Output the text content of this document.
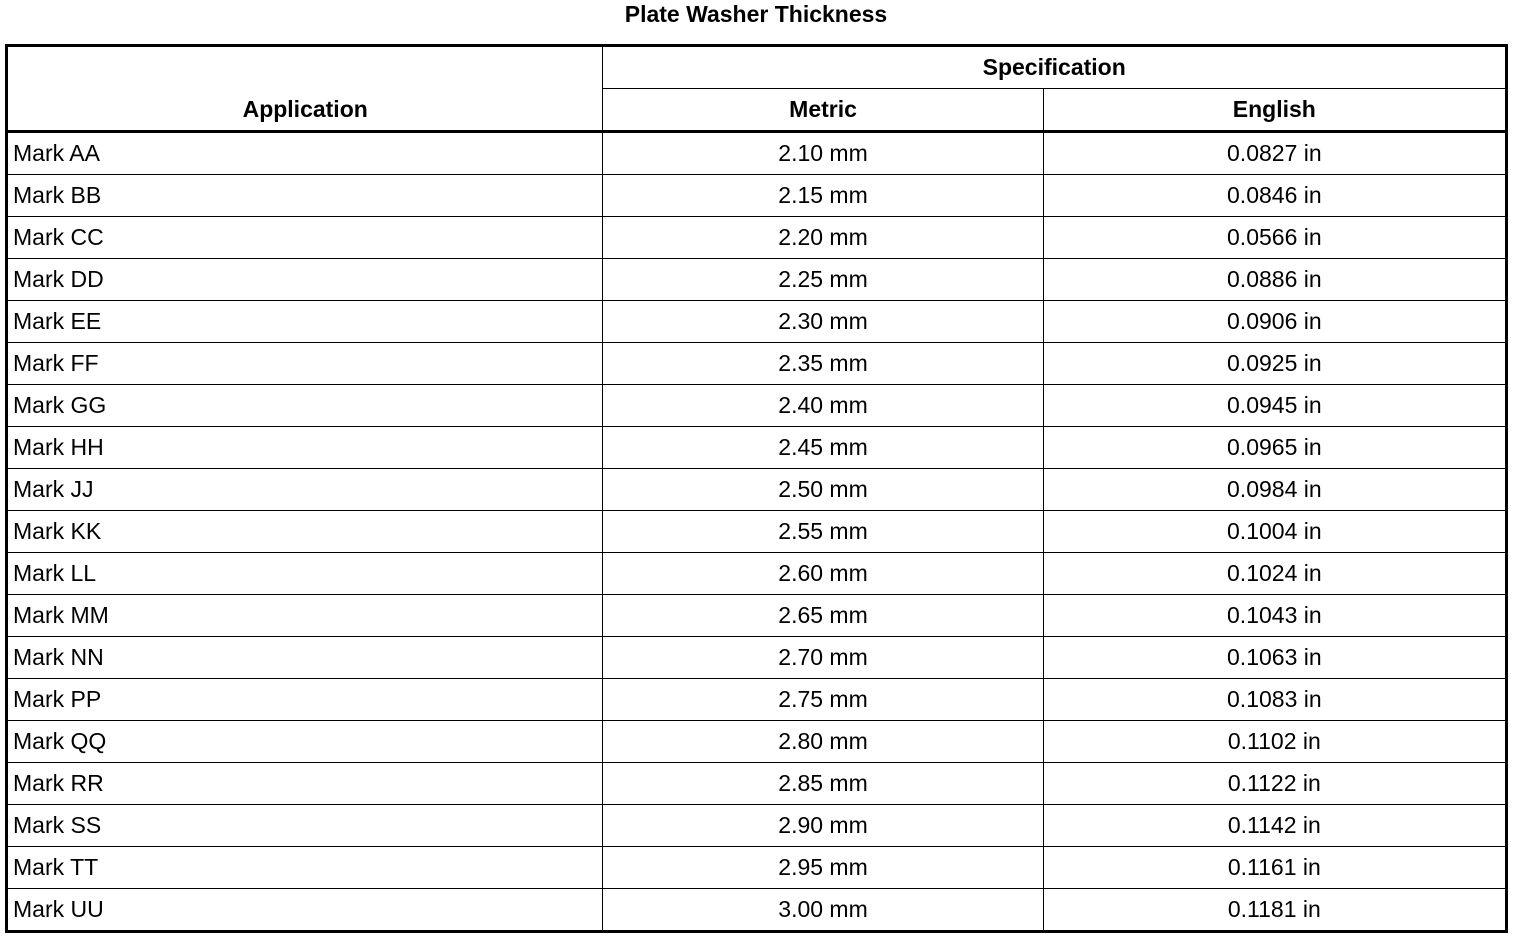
Plate Washer Thickness
Application	Specification	
	Metric	English
Mark AA	2.10 mm	0.0827 in
Mark BB	2.15 mm	0.0846 in
Mark CC	2.20 mm	0.0566 in
Mark DD	2.25 mm	0.0886 in
Mark EE	2.30 mm	0.0906 in
Mark FF	2.35 mm	0.0925 in
Mark GG	2.40 mm	0.0945 in
Mark HH	2.45 mm	0.0965 in
Mark JJ	2.50 mm	0.0984 in
Mark KK	2.55 mm	0.1004 in
Mark LL	2.60 mm	0.1024 in
Mark MM	2.65 mm	0.1043 in
Mark NN	2.70 mm	0.1063 in
Mark PP	2.75 mm	0.1083 in
Mark QQ	2.80 mm	0.1102 in
Mark RR	2.85 mm	0.1122 in
Mark SS	2.90 mm	0.1142 in
Mark TT	2.95 mm	0.1161 in
Mark UU	3.00 mm	0.1181 in
